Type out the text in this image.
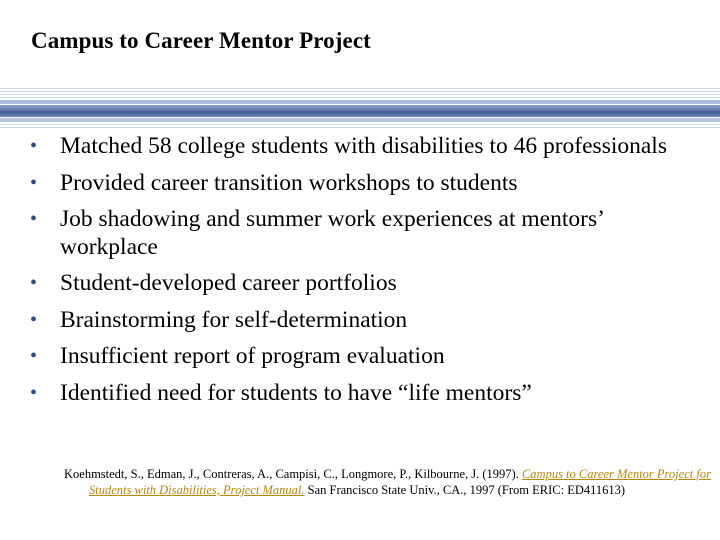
Campus to Career Mentor Project
• Matched 58 college students with disabilities to 46 professionals
• Provided career transition workshops to students
• Job shadowing and summer work experiences at mentors’ workplace
• Student-developed career portfolios
• Brainstorming for self-determination
• Insufficient report of program evaluation
• Identified need for students to have “life mentors”
Koehmstedt, S., Edman, J., Contreras, A., Campisi, C., Longmore, P., Kilbourne, J. (1997). Campus to Career Mentor Project for Students with Disabilities, Project Manual. San Francisco State Univ., CA., 1997 (From ERIC: ED411613)
